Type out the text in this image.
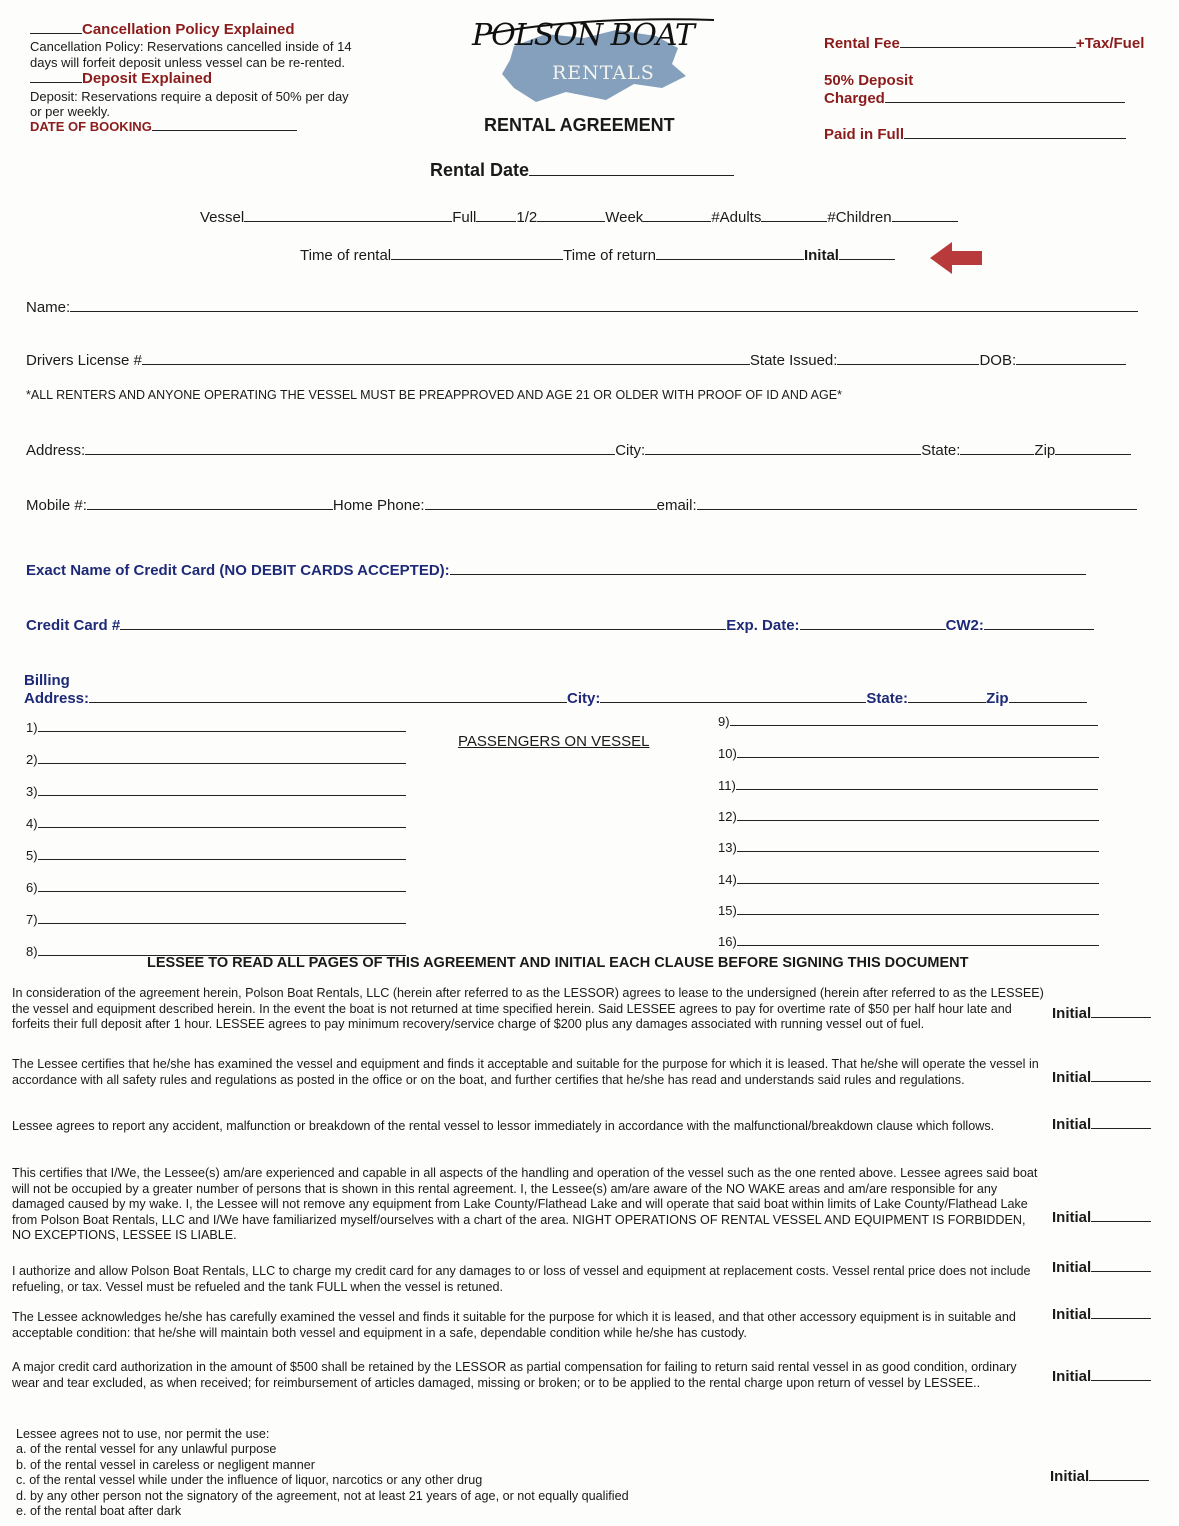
Cancellation Policy Explained
Cancellation Policy: Reservations cancelled inside of 14
days will forfeit deposit unless vessel can be re-rented.
Deposit Explained
Deposit: Reservations require a deposit of 50% per day
or per weekly.
DATE OF BOOKING
POLSON BOAT
RENTALS
RENTAL AGREEMENT
Rental Fee	+Tax/Fuel
50% Deposit
Charged
Paid in Full
Rental Date
Vessel	Full	1/2	Week	#Adults	#Children
Time of rental	Time of return	Inital
Name:
Drivers License #	State Issued:	DOB:
*ALL RENTERS AND ANYONE OPERATING THE VESSEL MUST BE PREAPPROVED AND AGE 21 OR OLDER WITH PROOF OF ID AND AGE*
Address:	City:	State:	Zip
Mobile #:	Home Phone:	email:
Exact Name of Credit Card (NO DEBIT CARDS ACCEPTED):
Credit Card #	Exp. Date:	CW2:
Billing
Address:	City:	State:	Zip
PASSENGERS ON VESSEL
1)
2)
3)
4)
5)
6)
7)
8)
9)
10)
11)
12)
13)
14)
15)
16)
LESSEE TO READ ALL PAGES OF THIS AGREEMENT AND INITIAL EACH CLAUSE BEFORE SIGNING THIS DOCUMENT
In consideration of the agreement herein, Polson Boat Rentals, LLC (herein after referred to as the LESSOR) agrees to lease to the undersigned (herein after referred to as the LESSEE) the vessel and equipment described herein. In the event the boat is not returned at time specified herein. Said LESSEE agrees to pay for overtime rate of $50 per half hour late and forfeits their full deposit after 1 hour. LESSEE agrees to pay minimum recovery/service charge of $200 plus any damages associated with running vessel out of fuel.
Initial
The Lessee certifies that he/she has examined the vessel and equipment and finds it acceptable and suitable for the purpose for which it is leased. That he/she will operate the vessel in accordance with all safety rules and regulations as posted in the office or on the boat, and further certifies that he/she has read and understands said rules and regulations.	Initial
Lessee agrees to report any accident, malfunction or breakdown of the rental vessel to lessor immediately in accordance with the malfunctional/breakdown clause which follows.	Initial
This certifies that I/We, the Lessee(s) am/are experienced and capable in all aspects of the handling and operation of the vessel such as the one rented above. Lessee agrees said boat will not be occupied by a greater number of persons that is shown in this rental agreement. I, the Lessee(s) am/are aware of the NO WAKE areas and am/are responsible for any damaged caused by my wake. I, the Lessee will not remove any equipment from Lake County/Flathead Lake and will operate that said boat within limits of Lake County/Flathead Lake from Polson Boat Rentals, LLC and I/We have familiarized myself/ourselves with a chart of the area. NIGHT OPERATIONS OF RENTAL VESSEL AND EQUIPMENT IS FORBIDDEN, NO EXCEPTIONS, LESSEE IS LIABLE.
Initial
I authorize and allow Polson Boat Rentals, LLC to charge my credit card for any damages to or loss of vessel and equipment at replacement costs. Vessel rental price does not include refueling, or tax. Vessel must be refueled and the tank FULL when the vessel is retuned.
Initial
The Lessee acknowledges he/she has carefully examined the vessel and finds it suitable for the purpose for which it is leased, and that other accessory equipment is in suitable and acceptable condition: that he/she will maintain both vessel and equipment in a safe, dependable condition while he/she has custody.
Initial
A major credit card authorization in the amount of $500 shall be retained by the LESSOR as partial compensation for failing to return said rental vessel in as good condition, ordinary wear and tear excluded, as when received; for reimbursement of articles damaged, missing or broken; or to be applied to the rental charge upon return of vessel by LESSEE..	Initial
Lessee agrees not to use, nor permit the use:
a. of the rental vessel for any unlawful purpose
b. of the rental vessel in careless or negligent manner
c. of the rental vessel while under the influence of liquor, narcotics or any other drug
d. by any other person not the signatory of the agreement, not at least 21 years of age, or not equally qualified
e. of the rental boat after dark
Initial
